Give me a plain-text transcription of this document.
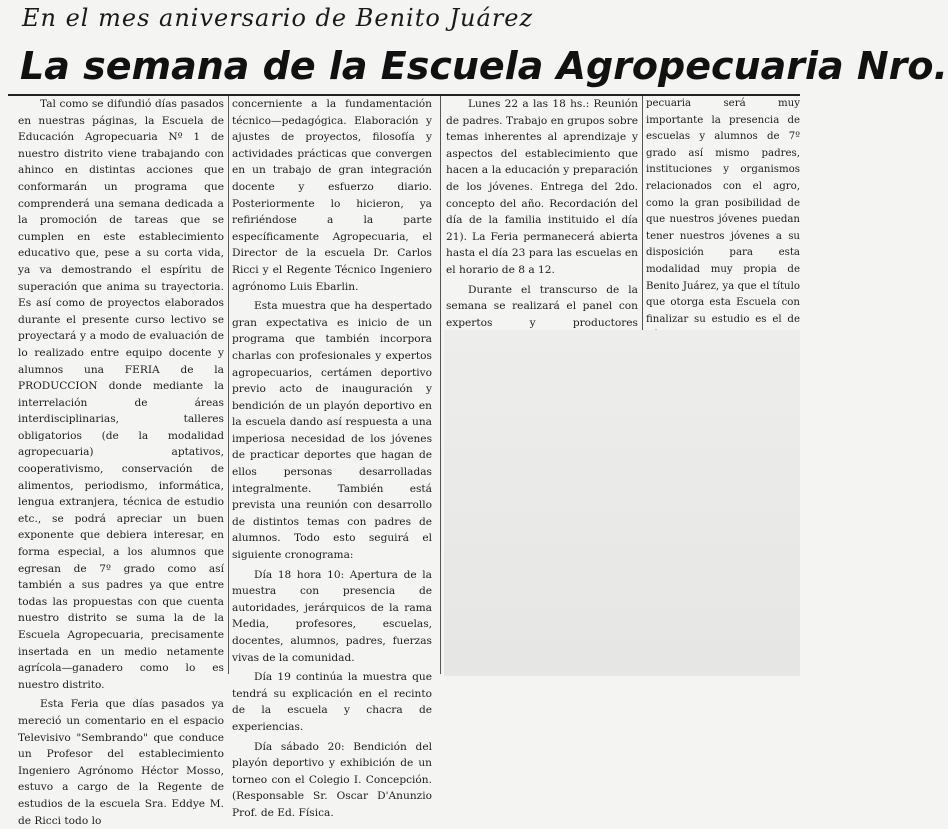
En el mes aniversario de Benito Juárez
La semana de la Escuela Agropecuaria Nro.

Tal como se difundió días pasados en nuestras páginas, la Escuela de Educación Agropecuaria Nº 1 de nuestro distrito viene trabajando con ahinco en distintas acciones que conformarán un programa que comprenderá una semana dedicada a la promoción de tareas que se cumplen en este establecimiento educativo que, pese a su corta vida, ya va demostrando el espíritu de superación que anima su trayectoria. Es así como de proyectos elaborados durante el presente curso lectivo se proyectará y a modo de evaluación de lo realizado entre equipo docente y alumnos una FERIA de la PRODUCCION donde mediante la interrelación de áreas interdisciplinarias, talleres obligatorios (de la modalidad agropecuaria) aptativos, cooperativismo, conservación de alimentos, periodismo, informática, lengua extranjera, técnica de estudio etc., se podrá apreciar un buen exponente que debiera interesar, en forma especial, a los alumnos que egresan de 7º grado como así también a sus padres ya que entre todas las propuestas con que cuenta nuestro distrito se suma la de la Escuela Agropecuaria, precisamente insertada en un medio netamente agrícola—ganadero como lo es nuestro distrito.

Esta Feria que días pasados ya mereció un comentario en el espacio Televisivo "Sembrando" que conduce un Profesor del establecimiento Ingeniero Agrónomo Héctor Mosso, estuvo a cargo de la Regente de estudios de la escuela Sra. Eddye M. de Ricci todo lo

concerniente a la fundamentación técnico—pedagógica. Elaboración y ajustes de proyectos, filosofía y actividades prácticas que convergen en un trabajo de gran integración docente y esfuerzo diario. Posteriormente lo hicieron, ya refiriéndose a la parte específicamente Agropecuaria, el Director de la escuela Dr. Carlos Ricci y el Regente Técnico Ingeniero agrónomo Luis Ebarlin.

Esta muestra que ha despertado gran expectativa es inicio de un programa que también incorpora charlas con profesionales y expertos agropecuarios, certámen deportivo previo acto de inauguración y bendición de un playón deportivo en la escuela dando así respuesta a una imperiosa necesidad de los jóvenes de practicar deportes que hagan de ellos personas desarrolladas integralmente. También está prevista una reunión con desarrollo de distintos temas con padres de alumnos. Todo esto seguirá el siguiente cronograma:

Día 18 hora 10: Apertura de la muestra con presencia de autoridades, jerárquicos de la rama Media, profesores, escuelas, docentes, alumnos, padres, fuerzas vivas de la comunidad.

Día 19 continúa la muestra que tendrá su explicación en el recinto de la escuela y chacra de experiencias.

Día sábado 20: Bendición del playón deportivo y exhibición de un torneo con el Colegio I. Concepción. (Responsable Sr. Oscar D'Anunzio Prof. de Ed. Física.

Lunes 22 a las 18 hs.: Reunión de padres. Trabajo en grupos sobre temas inherentes al aprendizaje y aspectos del establecimiento que hacen a la educación y preparación de los jóvenes. Entrega del 2do. concepto del año. Recordación del día de la familia instituido el día 21). La Feria permanecerá abierta hasta el día 23 para las escuelas en el horario de 8 a 12.

Durante el transcurso de la semana se realizará el panel con expertos y productores

pecuaria será muy importante la presencia de escuelas y alumnos de 7º grado así mismo padres, instituciones y organismos relacionados con el agro, como la gran posibilidad de que nuestros jóvenes puedan tener nuestros jóvenes a su disposición para esta modalidad muy propia de Benito Juárez, ya que el título que otorga esta Escuela con finalizar su estudio es el de
